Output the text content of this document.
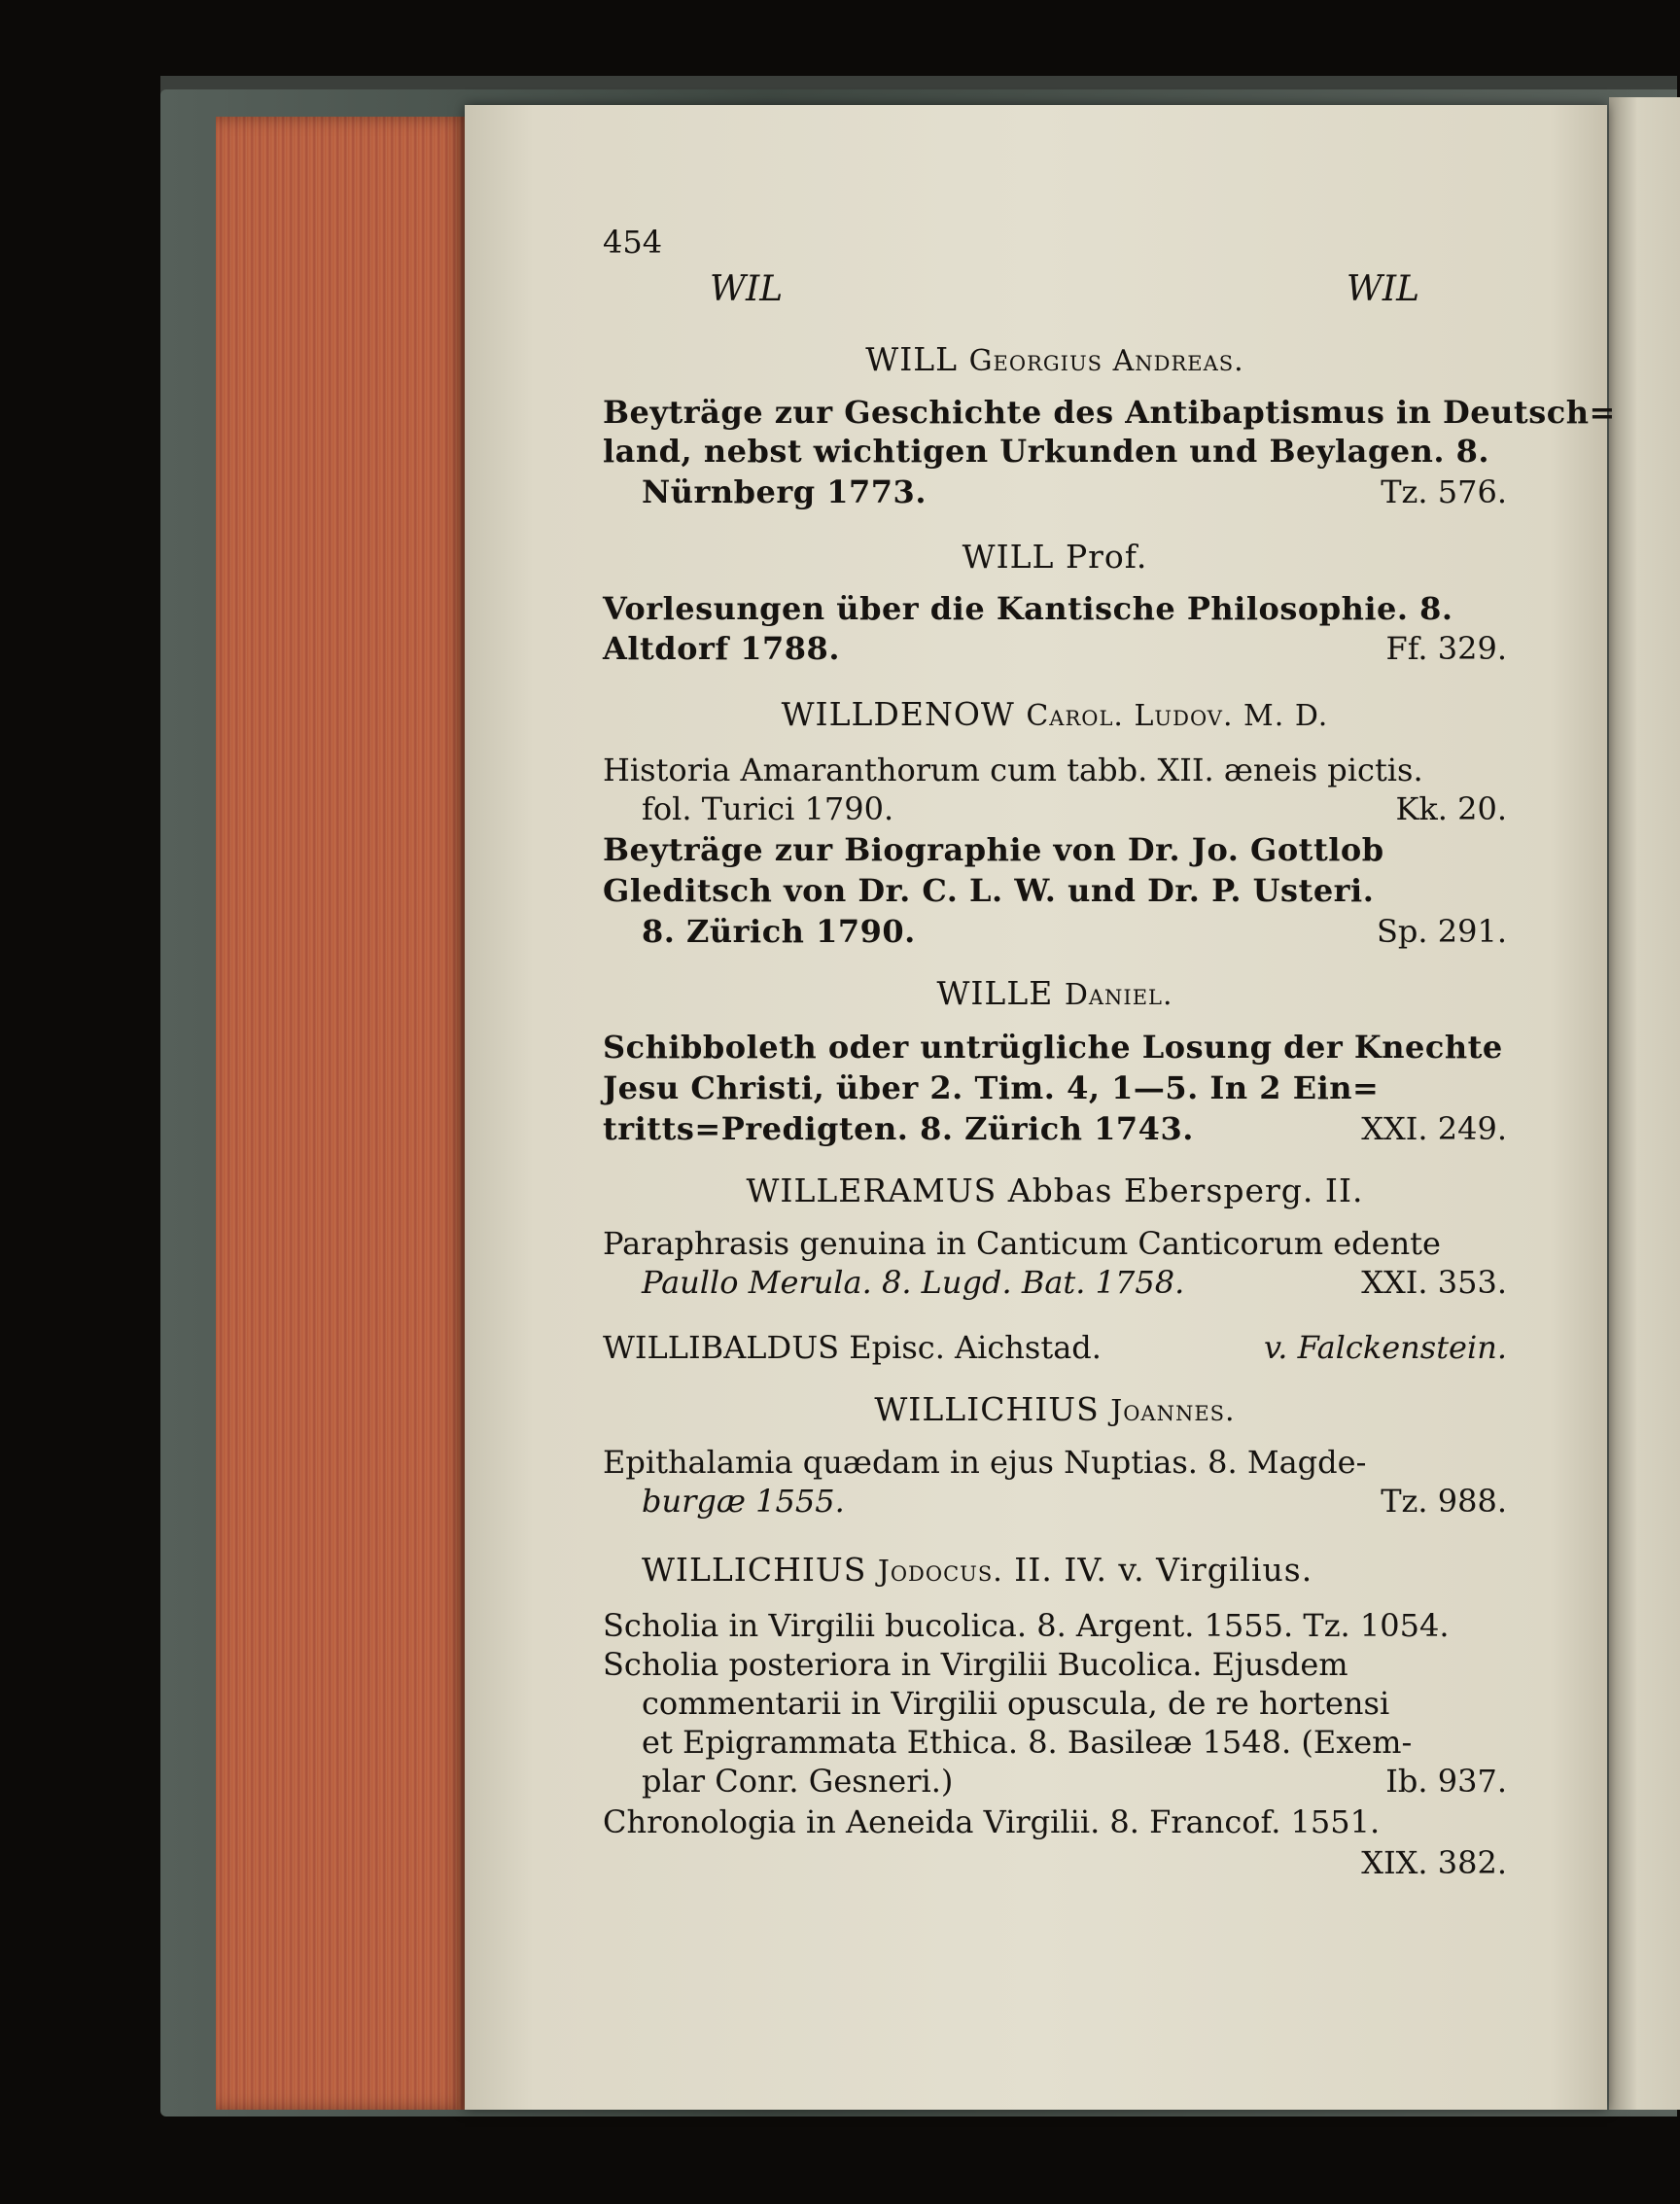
454
WIL	WIL
WILL Georgius Andreas.
Beyträge zur Geschichte des Antibaptismus in Deutsch=
land, nebst wichtigen Urkunden und Beylagen. 8.
Nürnberg 1773.	Tz. 576.
WILL Prof.
Vorlesungen über die Kantische Philosophie. 8.
Altdorf 1788.	Ff. 329.
WILLDENOW Carol. Ludov. M. D.
Historia Amaranthorum cum tabb. XII. æneis pictis.
fol. Turici 1790.	Kk. 20.
Beyträge zur Biographie von Dr. Jo. Gottlob
Gleditsch von Dr. C. L. W. und Dr. P. Usteri.
8. Zürich 1790.	Sp. 291.
WILLE Daniel.
Schibboleth oder untrügliche Losung der Knechte
Jesu Christi, über 2. Tim. 4, 1—5. In 2 Ein=
tritts=Predigten. 8. Zürich 1743.	XXI. 249.
WILLERAMUS Abbas Ebersperg. II.
Paraphrasis genuina in Canticum Canticorum edente
Paullo Merula. 8. Lugd. Bat. 1758.	XXI. 353.
WILLIBALDUS Episc. Aichstad.	v. Falckenstein.
WILLICHIUS Joannes.
Epithalamia quædam in ejus Nuptias. 8. Magde-
burgæ 1555.	Tz. 988.
WILLICHIUS Jodocus. II. IV. v. Virgilius.
Scholia in Virgilii bucolica. 8. Argent. 1555. Tz. 1054.
Scholia posteriora in Virgilii Bucolica. Ejusdem
commentarii in Virgilii opuscula, de re hortensi
et Epigrammata Ethica. 8. Basileæ 1548. (Exem-
plar Conr. Gesneri.)	Ib. 937.
Chronologia in Aeneida Virgilii. 8. Francof. 1551.
XIX. 382.
